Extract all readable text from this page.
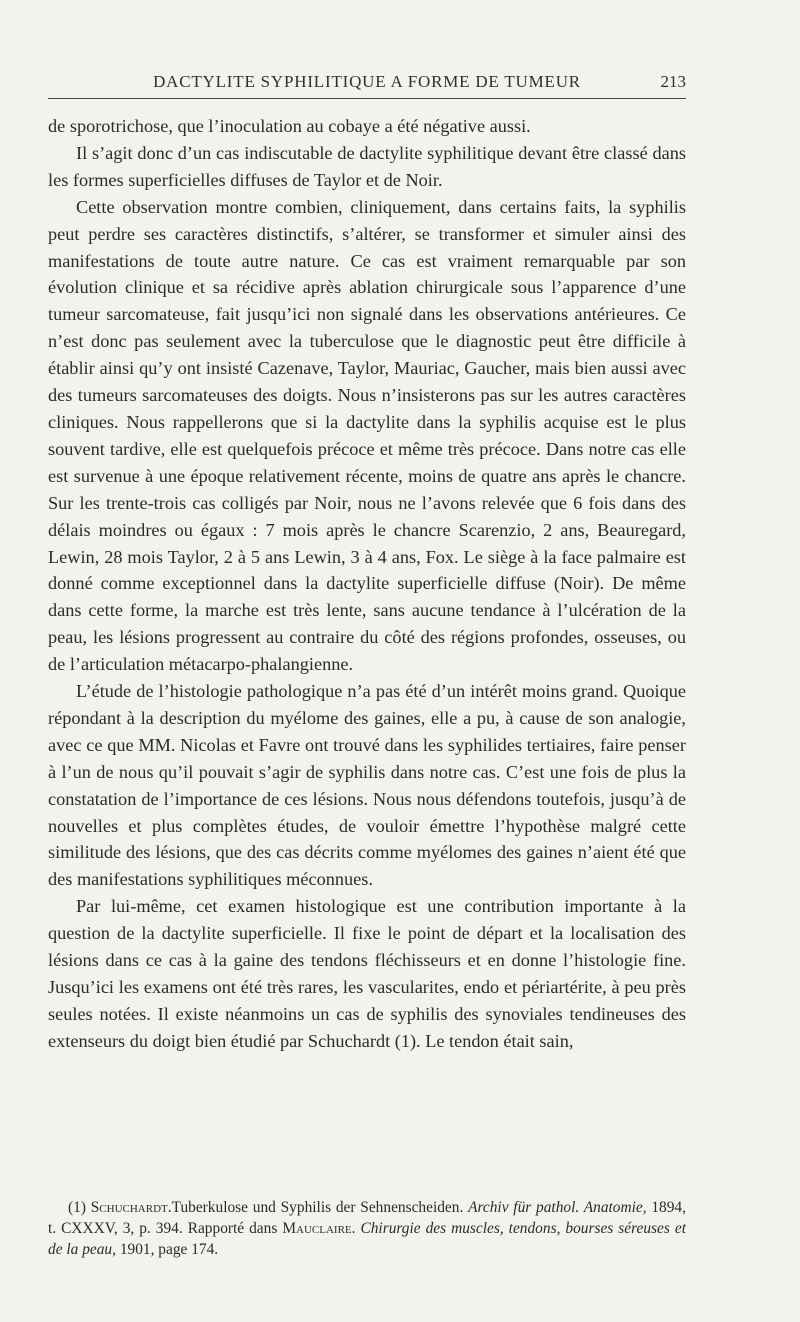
DACTYLITE SYPHILITIQUE A FORME DE TUMEUR	213

de sporotrichose, que l’inoculation au cobaye a été négative aussi.

Il s’agit donc d’un cas indiscutable de dactylite syphilitique devant être classé dans les formes superficielles diffuses de Taylor et de Noir.

Cette observation montre combien, cliniquement, dans certains faits, la syphilis peut perdre ses caractères distinctifs, s’altérer, se transformer et simuler ainsi des manifestations de toute autre nature. Ce cas est vraiment remarquable par son évolution clinique et sa récidive après ablation chirurgicale sous l’apparence d’une tumeur sarcomateuse, fait jusqu’ici non signalé dans les observations antérieures. Ce n’est donc pas seulement avec la tuberculose que le diagnostic peut être difficile à établir ainsi qu’y ont insisté Cazenave, Taylor, Mauriac, Gaucher, mais bien aussi avec des tumeurs sarcomateuses des doigts. Nous n’insisterons pas sur les autres caractères cliniques. Nous rappellerons que si la dactylite dans la syphilis acquise est le plus souvent tardive, elle est quelquefois précoce et même très précoce. Dans notre cas elle est survenue à une époque relativement récente, moins de quatre ans après le chancre. Sur les trente-trois cas colligés par Noir, nous ne l’avons relevée que 6 fois dans des délais moindres ou égaux : 7 mois après le chancre Scarenzio, 2 ans, Beauregard, Lewin, 28 mois Taylor, 2 à 5 ans Lewin, 3 à 4 ans, Fox. Le siège à la face palmaire est donné comme exceptionnel dans la dactylite superficielle diffuse (Noir). De même dans cette forme, la marche est très lente, sans aucune tendance à l’ulcération de la peau, les lésions progressent au contraire du côté des régions profondes, osseuses, ou de l’articulation métacarpo-phalangienne.

L’étude de l’histologie pathologique n’a pas été d’un intérêt moins grand. Quoique répondant à la description du myélome des gaines, elle a pu, à cause de son analogie, avec ce que MM. Nicolas et Favre ont trouvé dans les syphilides tertiaires, faire penser à l’un de nous qu’il pouvait s’agir de syphilis dans notre cas. C’est une fois de plus la constatation de l’importance de ces lésions. Nous nous défendons toutefois, jusqu’à de nouvelles et plus complètes études, de vouloir émettre l’hypothèse malgré cette similitude des lésions, que des cas décrits comme myélomes des gaines n’aient été que des manifestations syphilitiques méconnues.

Par lui-même, cet examen histologique est une contribution importante à la question de la dactylite superficielle. Il fixe le point de départ et la localisation des lésions dans ce cas à la gaine des tendons fléchisseurs et en donne l’histologie fine. Jusqu’ici les examens ont été très rares, les vascularites, endo et périartérite, à peu près seules notées. Il existe néanmoins un cas de syphilis des synoviales tendineuses des extenseurs du doigt bien étudié par Schuchardt (1). Le tendon était sain,

(1) Schuchardt.Tuberkulose und Syphilis der Sehnenscheiden. Archiv für pathol. Anatomie, 1894, t. CXXXV, 3, p. 394. Rapporté dans Mauclaire. Chirurgie des muscles, tendons, bourses séreuses et de la peau, 1901, page 174.
